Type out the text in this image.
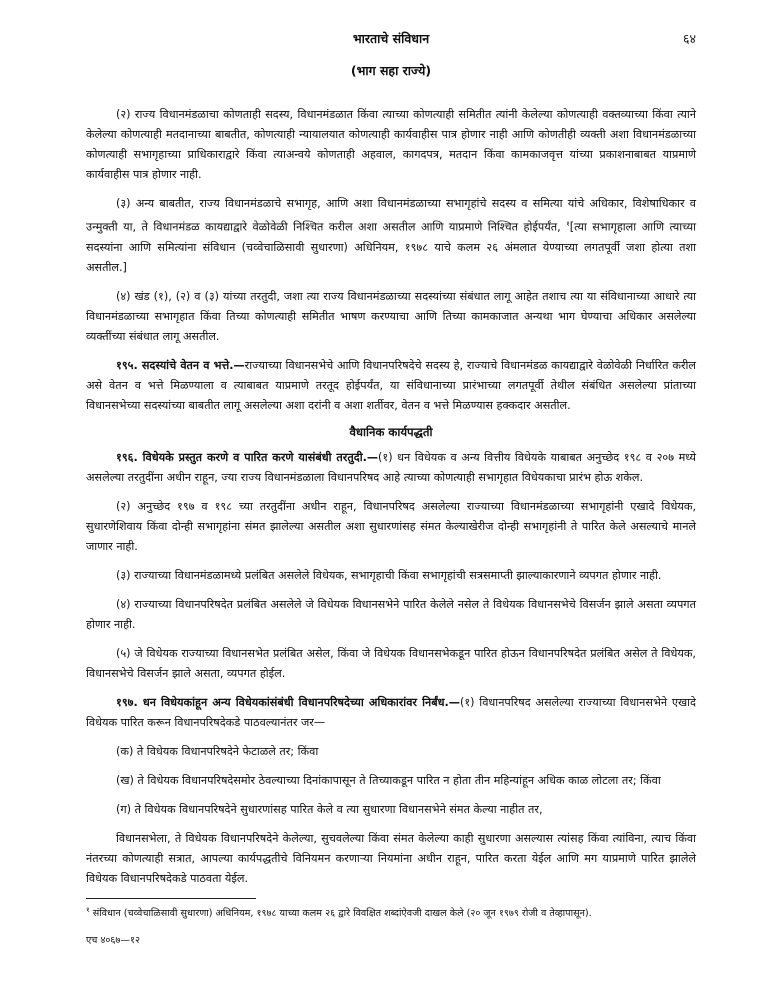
भारताचे संविधान	६४
(भाग सहा राज्ये)

(२) राज्य विधानमंडळाचा कोणताही सदस्य, विधानमंडळात किंवा त्याच्या कोणत्याही समितीत त्यांनी केलेल्या कोणत्याही वक्तव्याच्या किंवा त्याने केलेल्या कोणत्याही मतदानाच्या बाबतीत, कोणत्याही न्यायालयात कोणत्याही कार्यवाहीस पात्र होणार नाही आणि कोणतीही व्यक्ती अशा विधानमंडळाच्या कोणत्याही सभागृहाच्या प्राधिकाराद्वारे किंवा त्याअन्वये कोणताही अहवाल, कागदपत्र, मतदान किंवा कामकाजवृत्त यांच्या प्रकाशनाबाबत याप्रमाणे कार्यवाहीस पात्र होणार नाही.

(३) अन्य बाबतीत, राज्य विधानमंडळाचे सभागृह, आणि अशा विधानमंडळाच्या सभागृहांचे सदस्य व समित्या यांचे अधिकार, विशेषाधिकार व उन्मुक्ती या, ते विधानमंडळ कायद्याद्वारे वेळोवेळी निश्चित करील अशा असतील आणि याप्रमाणे निश्चित होईपर्यंत, $^१$[त्या सभागृहाला आणि त्याच्या सदस्यांना आणि समित्यांना संविधान (चव्वेचाळिसावी सुधारणा) अधिनियम, १९७८ याचे कलम २६ अंमलात येण्याच्या लगतपूर्वी जशा होत्या तशा असतील.]

(४) खंड (१), (२) व (३) यांच्या तरतुदी, जशा त्या राज्य विधानमंडळाच्या सदस्यांच्या संबंधात लागू आहेत तशाच त्या या संविधानाच्या आधारे त्या विधानमंडळाच्या सभागृहात किंवा तिच्या कोणत्याही समितीत भाषण करण्याचा आणि तिच्या कामकाजात अन्यथा भाग घेण्याचा अधिकार असलेल्या व्यक्तींच्या संबंधात लागू असतील.

१९५. सदस्यांचे वेतन व भत्ते.—राज्याच्या विधानसभेचे आणि विधानपरिषदेचे सदस्य हे, राज्याचे विधानमंडळ कायद्याद्वारे वेळोवेळी निर्धारित करील असे वेतन व भत्ते मिळण्याला व त्याबाबत याप्रमाणे तरतूद होईपर्यंत, या संविधानाच्या प्रारंभाच्या लगतपूर्वी तेथील संबंधित असलेल्या प्रांताच्या विधानसभेच्या सदस्यांच्या बाबतीत लागू असलेल्या अशा दरांनी व अशा शर्तीवर, वेतन व भत्ते मिळण्यास हक्कदार असतील.

वैधानिक कार्यपद्धती

१९६. विधेयके प्रस्तुत करणे व पारित करणे यासंबंधी तरतुदी.—(१) धन विधेयक व अन्य वित्तीय विधेयके याबाबत अनुच्छेद १९८ व २०७ मध्ये असलेल्या तरतुदींना अधीन राहून, ज्या राज्य विधानमंडळाला विधानपरिषद आहे त्याच्या कोणत्याही सभागृहात विधेयकाचा प्रारंभ होऊ शकेल.

(२) अनुच्छेद १९७ व १९८ च्या तरतुदींना अधीन राहून, विधानपरिषद असलेल्या राज्याच्या विधानमंडळाच्या सभागृहांनी एखादे विधेयक, सुधारणेशिवाय किंवा दोन्ही सभागृहांना संमत झालेल्या असतील अशा सुधारणांसह संमत केल्याखेरीज दोन्ही सभागृहांनी ते पारित केले असल्याचे मानले जाणार नाही.

(३) राज्याच्या विधानमंडळामध्ये प्रलंबित असलेले विधेयक, सभागृहाची किंवा सभागृहांची सत्रसमाप्ती झाल्याकारणाने व्यपगत होणार नाही.

(४) राज्याच्या विधानपरिषदेत प्रलंबित असलेले जे विधेयक विधानसभेने पारित केलेले नसेल ते विधेयक विधानसभेचे विसर्जन झाले असता व्यपगत होणार नाही.

(५) जे विधेयक राज्याच्या विधानसभेत प्रलंबित असेल, किंवा जे विधेयक विधानसभेकडून पारित होऊन विधानपरिषदेत प्रलंबित असेल ते विधेयक, विधानसभेचे विसर्जन झाले असता, व्यपगत होईल.

१९७. धन विधेयकांहून अन्य विधेयकांसंबंधी विधानपरिषदेच्या अधिकारांवर निर्बंध.—(१) विधानपरिषद असलेल्या राज्याच्या विधानसभेने एखादे विधेयक पारित करून विधानपरिषदेकडे पाठवल्यानंतर जर—

(क) ते विधेयक विधानपरिषदेने फेटाळले तर; किंवा

(ख) ते विधेयक विधानपरिषदेसमोर ठेवल्याच्या दिनांकापासून ते तिच्याकडून पारित न होता तीन महिन्यांहून अधिक काळ लोटला तर; किंवा

(ग) ते विधेयक विधानपरिषदेने सुधारणांसह पारित केले व त्या सुधारणा विधानसभेने संमत केल्या नाहीत तर,

विधानसभेला, ते विधेयक विधानपरिषदेने केलेल्या, सुचवलेल्या किंवा संमत केलेल्या काही सुधारणा असल्यास त्यांसह किंवा त्यांविना, त्याच किंवा नंतरच्या कोणत्याही सत्रात, आपल्या कार्यपद्धतीचे विनियमन करणाऱ्या नियमांना अधीन राहून, पारित करता येईल आणि मग याप्रमाणे पारित झालेले विधेयक विधानपरिषदेकडे पाठवता येईल.

$^१$ संविधान (चव्वेचाळिसावी सुधारणा) अधिनियम, १९७८ याच्या कलम २६ द्वारे विवक्षित शब्दांऐवजी दाखल केले (२० जून १९७९ रोजी व तेव्हापासून).

एच ४०६७—१२
